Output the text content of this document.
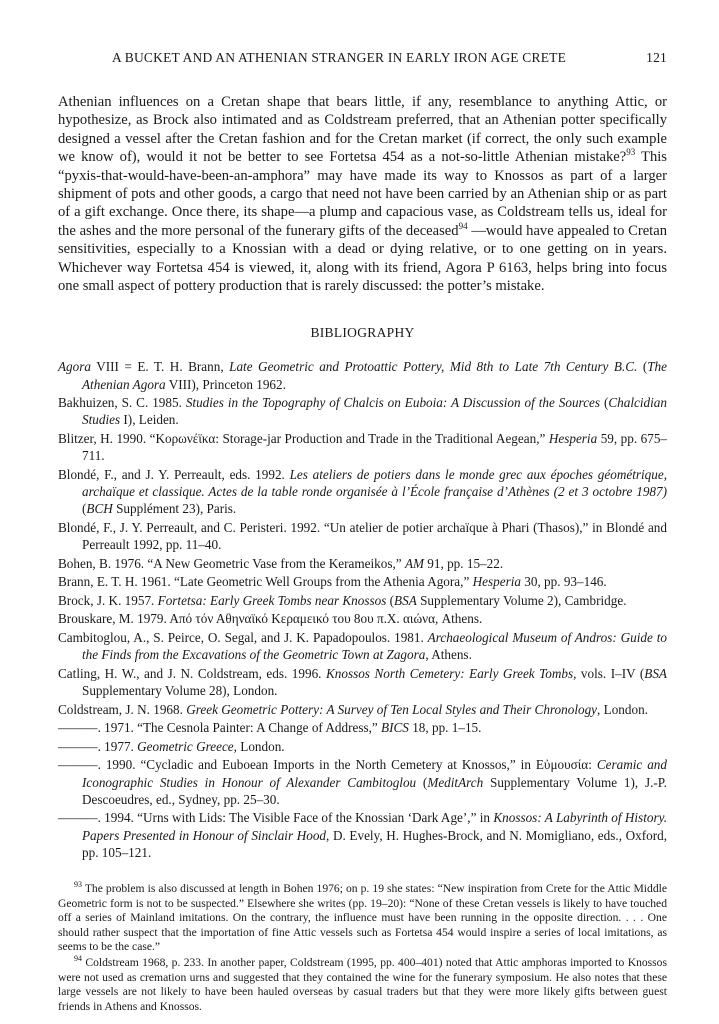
A BUCKET AND AN ATHENIAN STRANGER IN EARLY IRON AGE CRETE	121
Athenian influences on a Cretan shape that bears little, if any, resemblance to anything Attic, or hypothesize, as Brock also intimated and as Coldstream preferred, that an Athenian potter specifically designed a vessel after the Cretan fashion and for the Cretan market (if correct, the only such example we know of), would it not be better to see Fortetsa 454 as a not-so-little Athenian mistake?$^{93}$ This “pyxis-that-would-have-been-an-amphora” may have made its way to Knossos as part of a larger shipment of pots and other goods, a cargo that need not have been carried by an Athenian ship or as part of a gift exchange. Once there, its shape—a plump and capacious vase, as Coldstream tells us, ideal for the ashes and the more personal of the funerary gifts of the deceased$^{94}$ —would have appealed to Cretan sensitivities, especially to a Knossian with a dead or dying relative, or to one getting on in years. Whichever way Fortetsa 454 is viewed, it, along with its friend, Agora P 6163, helps bring into focus one small aspect of pottery production that is rarely discussed: the potter’s mistake.
BIBLIOGRAPHY

Agora VIII = E. T. H. Brann, Late Geometric and Protoattic Pottery, Mid 8th to Late 7th Century B.C. (The Athenian Agora VIII), Princeton 1962.

Bakhuizen, S. C. 1985. Studies in the Topography of Chalcis on Euboia: A Discussion of the Sources (Chalcidian Studies I), Leiden.

Blitzer, H. 1990. “Κορωνέϊκα: Storage-jar Production and Trade in the Traditional Aegean,” Hesperia 59, pp. 675–711.

Blondé, F., and J. Y. Perreault, eds. 1992. Les ateliers de potiers dans le monde grec aux époches géométrique, archaïque et classique. Actes de la table ronde organisée à l’École française d’Athènes (2 et 3 octobre 1987) (BCH Supplément 23), Paris.

Blondé, F., J. Y. Perreault, and C. Peristeri. 1992. “Un atelier de potier archaïque à Phari (Thasos),” in Blondé and Perreault 1992, pp. 11–40.

Bohen, B. 1976. “A New Geometric Vase from the Kerameikos,” AM 91, pp. 15–22.

Brann, E. T. H. 1961. “Late Geometric Well Groups from the Athenia Agora,” Hesperia 30, pp. 93–146.

Brock, J. K. 1957. Fortetsa: Early Greek Tombs near Knossos (BSA Supplementary Volume 2), Cambridge.

Brouskare, M. 1979. Aπό τόν Αθηναϊκό Κεραμεικό του 8ου π.Χ. αιώνα, Athens.

Cambitoglou, A., S. Peirce, O. Segal, and J. K. Papadopoulos. 1981. Archaeological Museum of Andros: Guide to the Finds from the Excavations of the Geometric Town at Zagora, Athens.

Catling, H. W., and J. N. Coldstream, eds. 1996. Knossos North Cemetery: Early Greek Tombs, vols. I–IV (BSA Supplementary Volume 28), London.

Coldstream, J. N. 1968. Greek Geometric Pottery: A Survey of Ten Local Styles and Their Chronology, London.

———. 1971. “The Cesnola Painter: A Change of Address,” BICS 18, pp. 1–15.

———. 1977. Geometric Greece, London.

———. 1990. “Cycladic and Euboean Imports in the North Cemetery at Knossos,” in Εὐμουσία: Ceramic and Iconographic Studies in Honour of Alexander Cambitoglou (MeditArch Supplementary Volume 1), J.-P. Descoeudres, ed., Sydney, pp. 25–30.

———. 1994. “Urns with Lids: The Visible Face of the Knossian ‘Dark Age’,” in Knossos: A Labyrinth of History. Papers Presented in Honour of Sinclair Hood, D. Evely, H. Hughes-Brock, and N. Momigliano, eds., Oxford, pp. 105–121.

$^{93}$ The problem is also discussed at length in Bohen 1976; on p. 19 she states: “New inspiration from Crete for the Attic Middle Geometric form is not to be suspected.” Elsewhere she writes (pp. 19–20): “None of these Cretan vessels is likely to have touched off a series of Mainland imitations. On the contrary, the influence must have been running in the opposite direction. . . . One should rather suspect that the importation of fine Attic vessels such as Fortetsa 454 would inspire a series of local imitations, as seems to be the case.”

$^{94}$ Coldstream 1968, p. 233. In another paper, Coldstream (1995, pp. 400–401) noted that Attic amphoras imported to Knossos were not used as cremation urns and suggested that they contained the wine for the funerary symposium. He also notes that these large vessels are not likely to have been hauled overseas by casual traders but that they were more likely gifts between guest friends in Athens and Knossos.
